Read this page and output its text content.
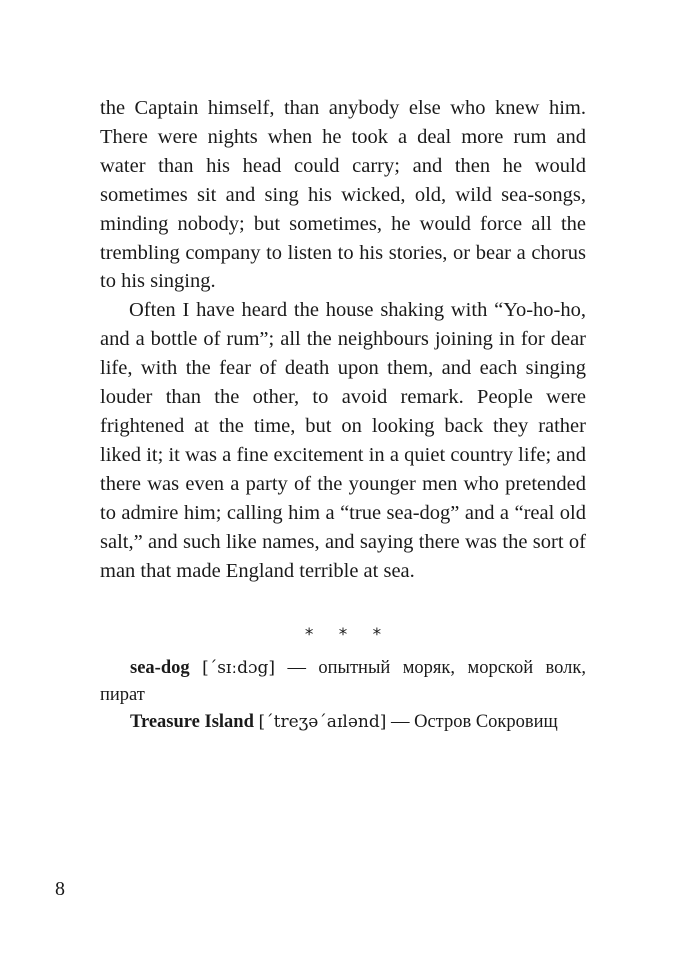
the Captain himself, than anybody else who knew him. There were nights when he took a deal more rum and water than his head could carry; and then he would sometimes sit and sing his wicked, old, wild sea-songs, minding nobody; but sometimes, he would force all the trembling company to listen to his stories, or bear a chorus to his singing.

Often I have heard the house shaking with “Yo-ho-ho, and a bottle of rum”; all the neighbours joining in for dear life, with the fear of death upon them, and each singing louder than the other, to avoid remark. People were frightened at the time, but on looking back they rather liked it; it was a fine excitement in a quiet country life; and there was even a party of the younger men who pretended to admire him; calling him a “true sea-dog” and a “real old salt,” and such like names, and saying there was the sort of man that made England terrible at sea.

* * *
sea-dog [´sɪːdɔg] — опытный моряк, морской волк, пират
Treasure Island [´treʒə´aɪlənd] — Остров Сокровищ
8
